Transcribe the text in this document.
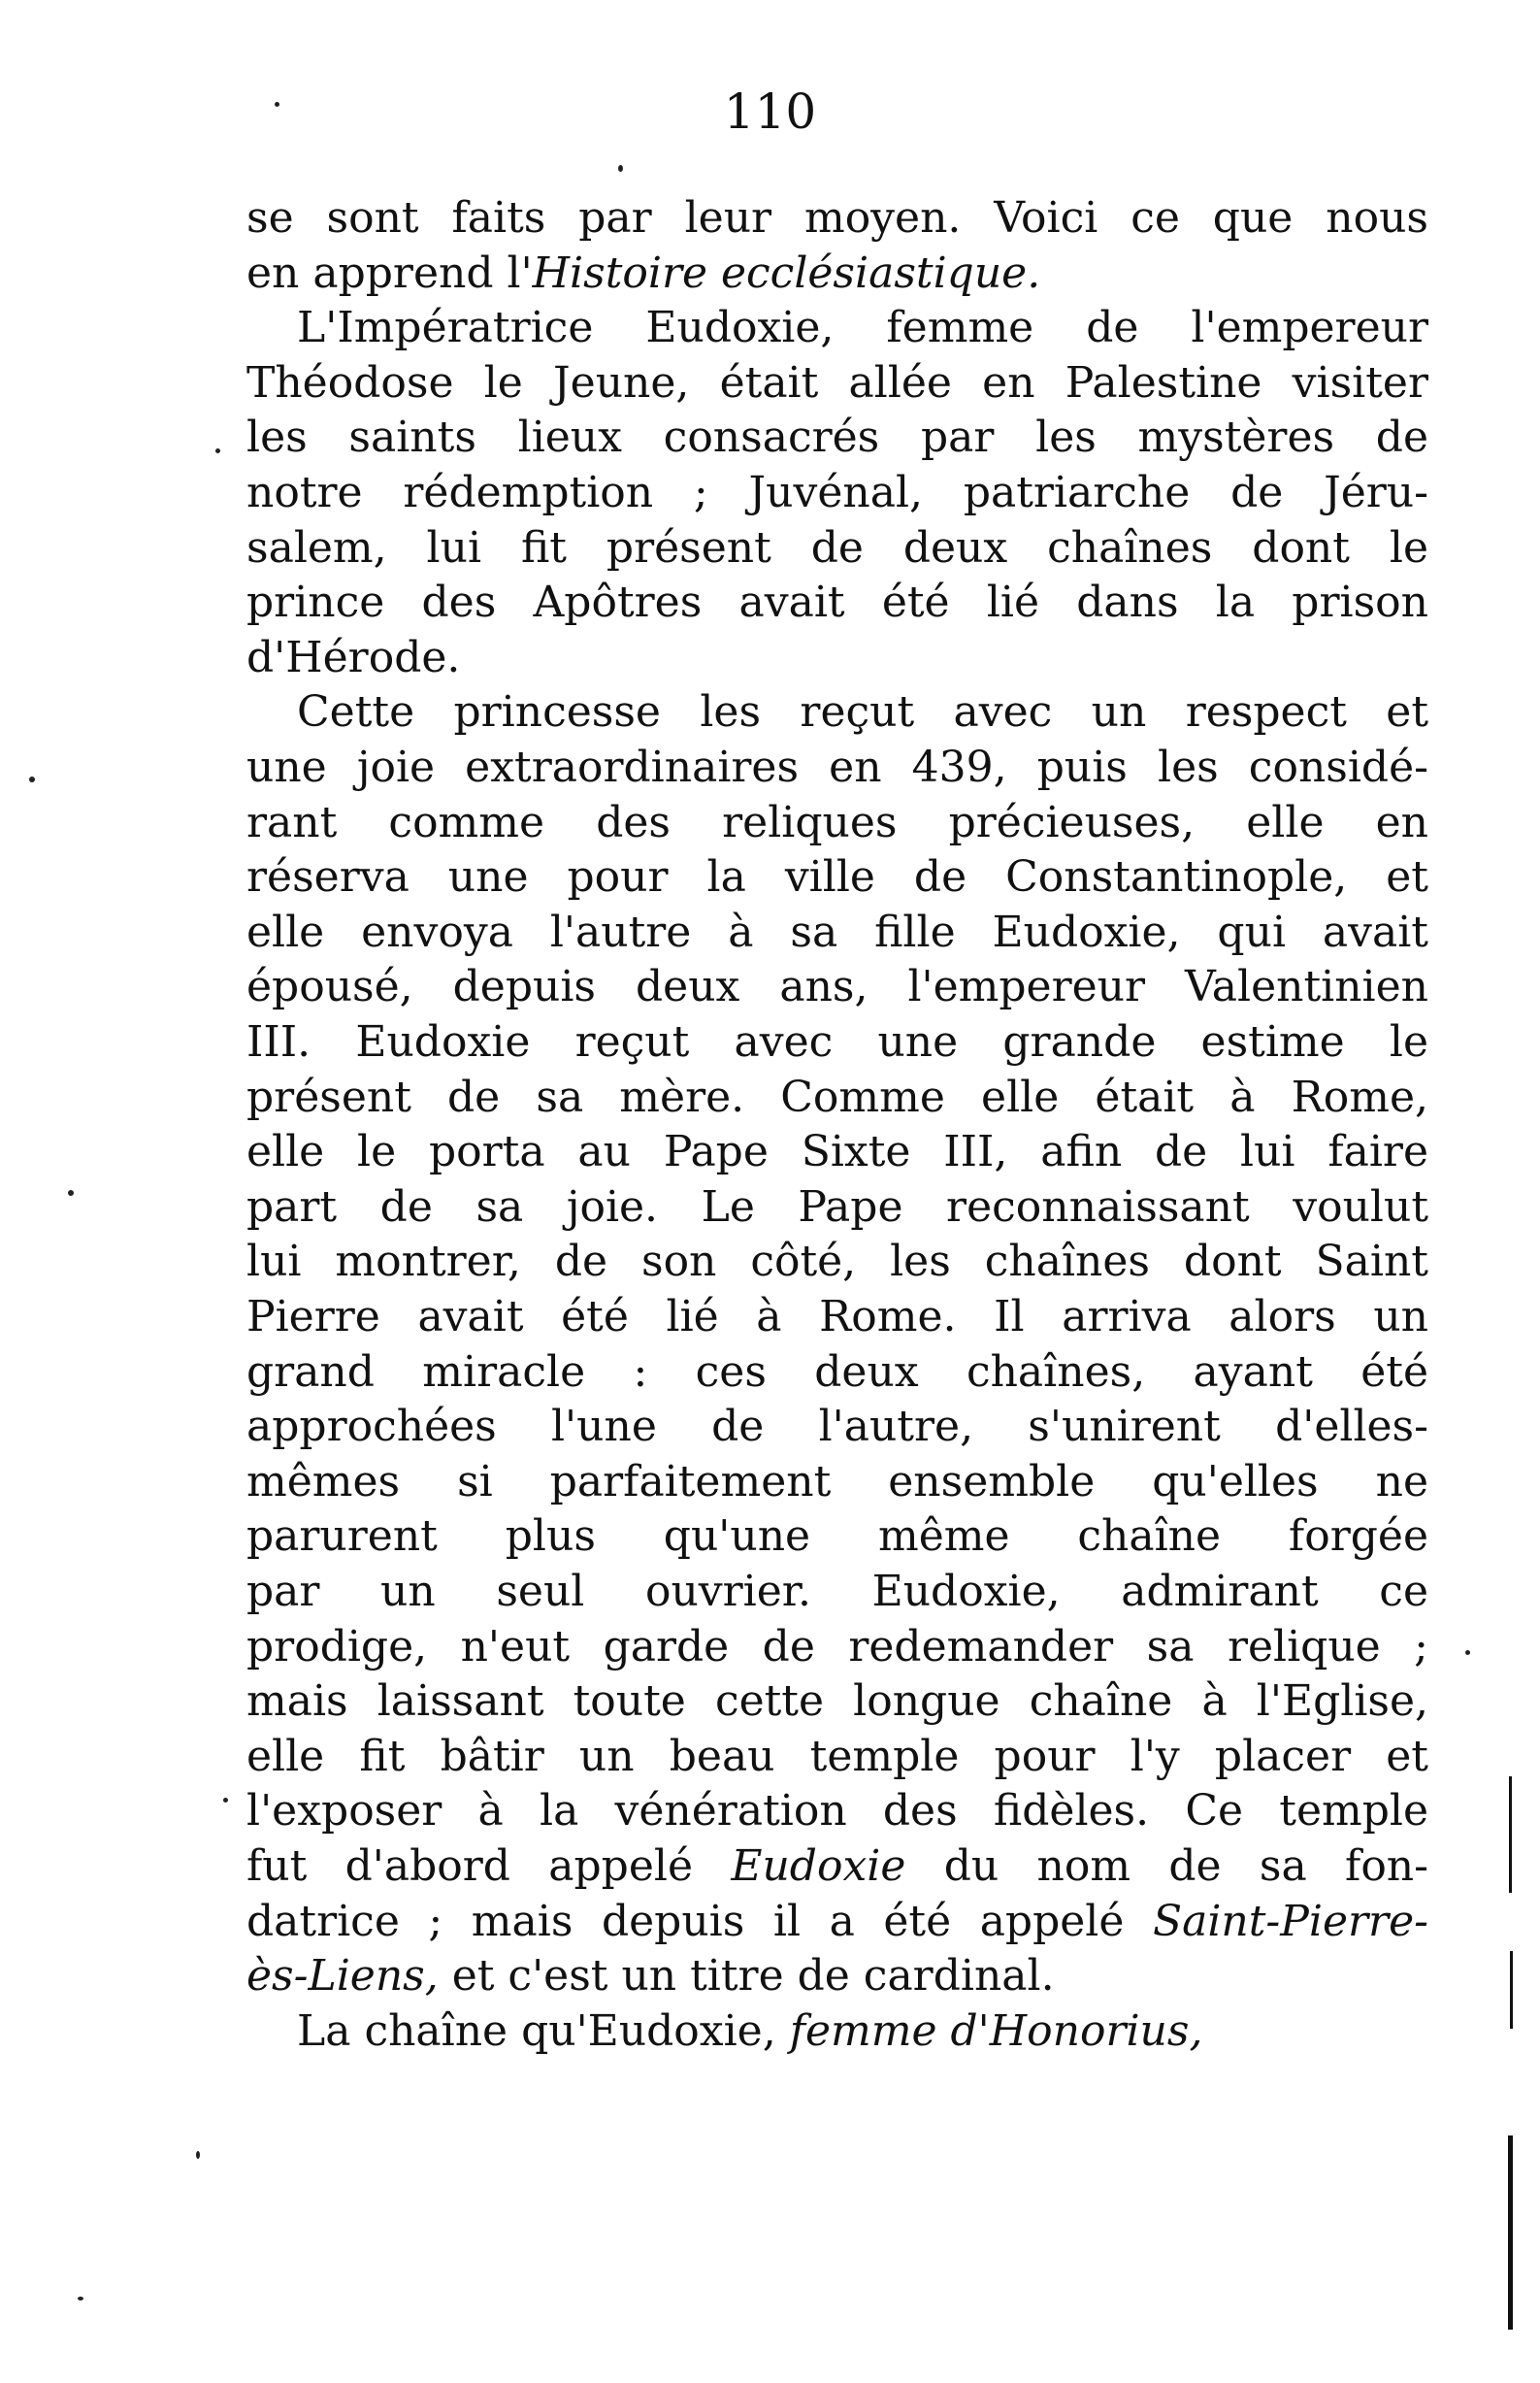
110
se sont faits par leur moyen. Voici ce que nous
en apprend l'Histoire ecclésiastique.
L'Impératrice Eudoxie, femme de l'empereur
Théodose le Jeune, était allée en Palestine visiter
les saints lieux consacrés par les mystères de
notre rédemption ; Juvénal, patriarche de Jéru-
salem, lui fit présent de deux chaînes dont le
prince des Apôtres avait été lié dans la prison
d'Hérode.
Cette princesse les reçut avec un respect et
une joie extraordinaires en 439, puis les considé-
rant comme des reliques précieuses, elle en
réserva une pour la ville de Constantinople, et
elle envoya l'autre à sa fille Eudoxie, qui avait
épousé, depuis deux ans, l'empereur Valentinien
III. Eudoxie reçut avec une grande estime le
présent de sa mère. Comme elle était à Rome,
elle le porta au Pape Sixte III, afin de lui faire
part de sa joie. Le Pape reconnaissant voulut
lui montrer, de son côté, les chaînes dont Saint
Pierre avait été lié à Rome. Il arriva alors un
grand miracle : ces deux chaînes, ayant été
approchées l'une de l'autre, s'unirent d'elles-
mêmes si parfaitement ensemble qu'elles ne
parurent plus qu'une même chaîne forgée
par un seul ouvrier. Eudoxie, admirant ce
prodige, n'eut garde de redemander sa relique ;
mais laissant toute cette longue chaîne à l'Eglise,
elle fit bâtir un beau temple pour l'y placer et
l'exposer à la vénération des fidèles. Ce temple
fut d'abord appelé Eudoxie du nom de sa fon-
datrice ; mais depuis il a été appelé Saint-Pierre-
ès-Liens, et c'est un titre de cardinal.
La chaîne qu'Eudoxie, femme d'Honorius,
